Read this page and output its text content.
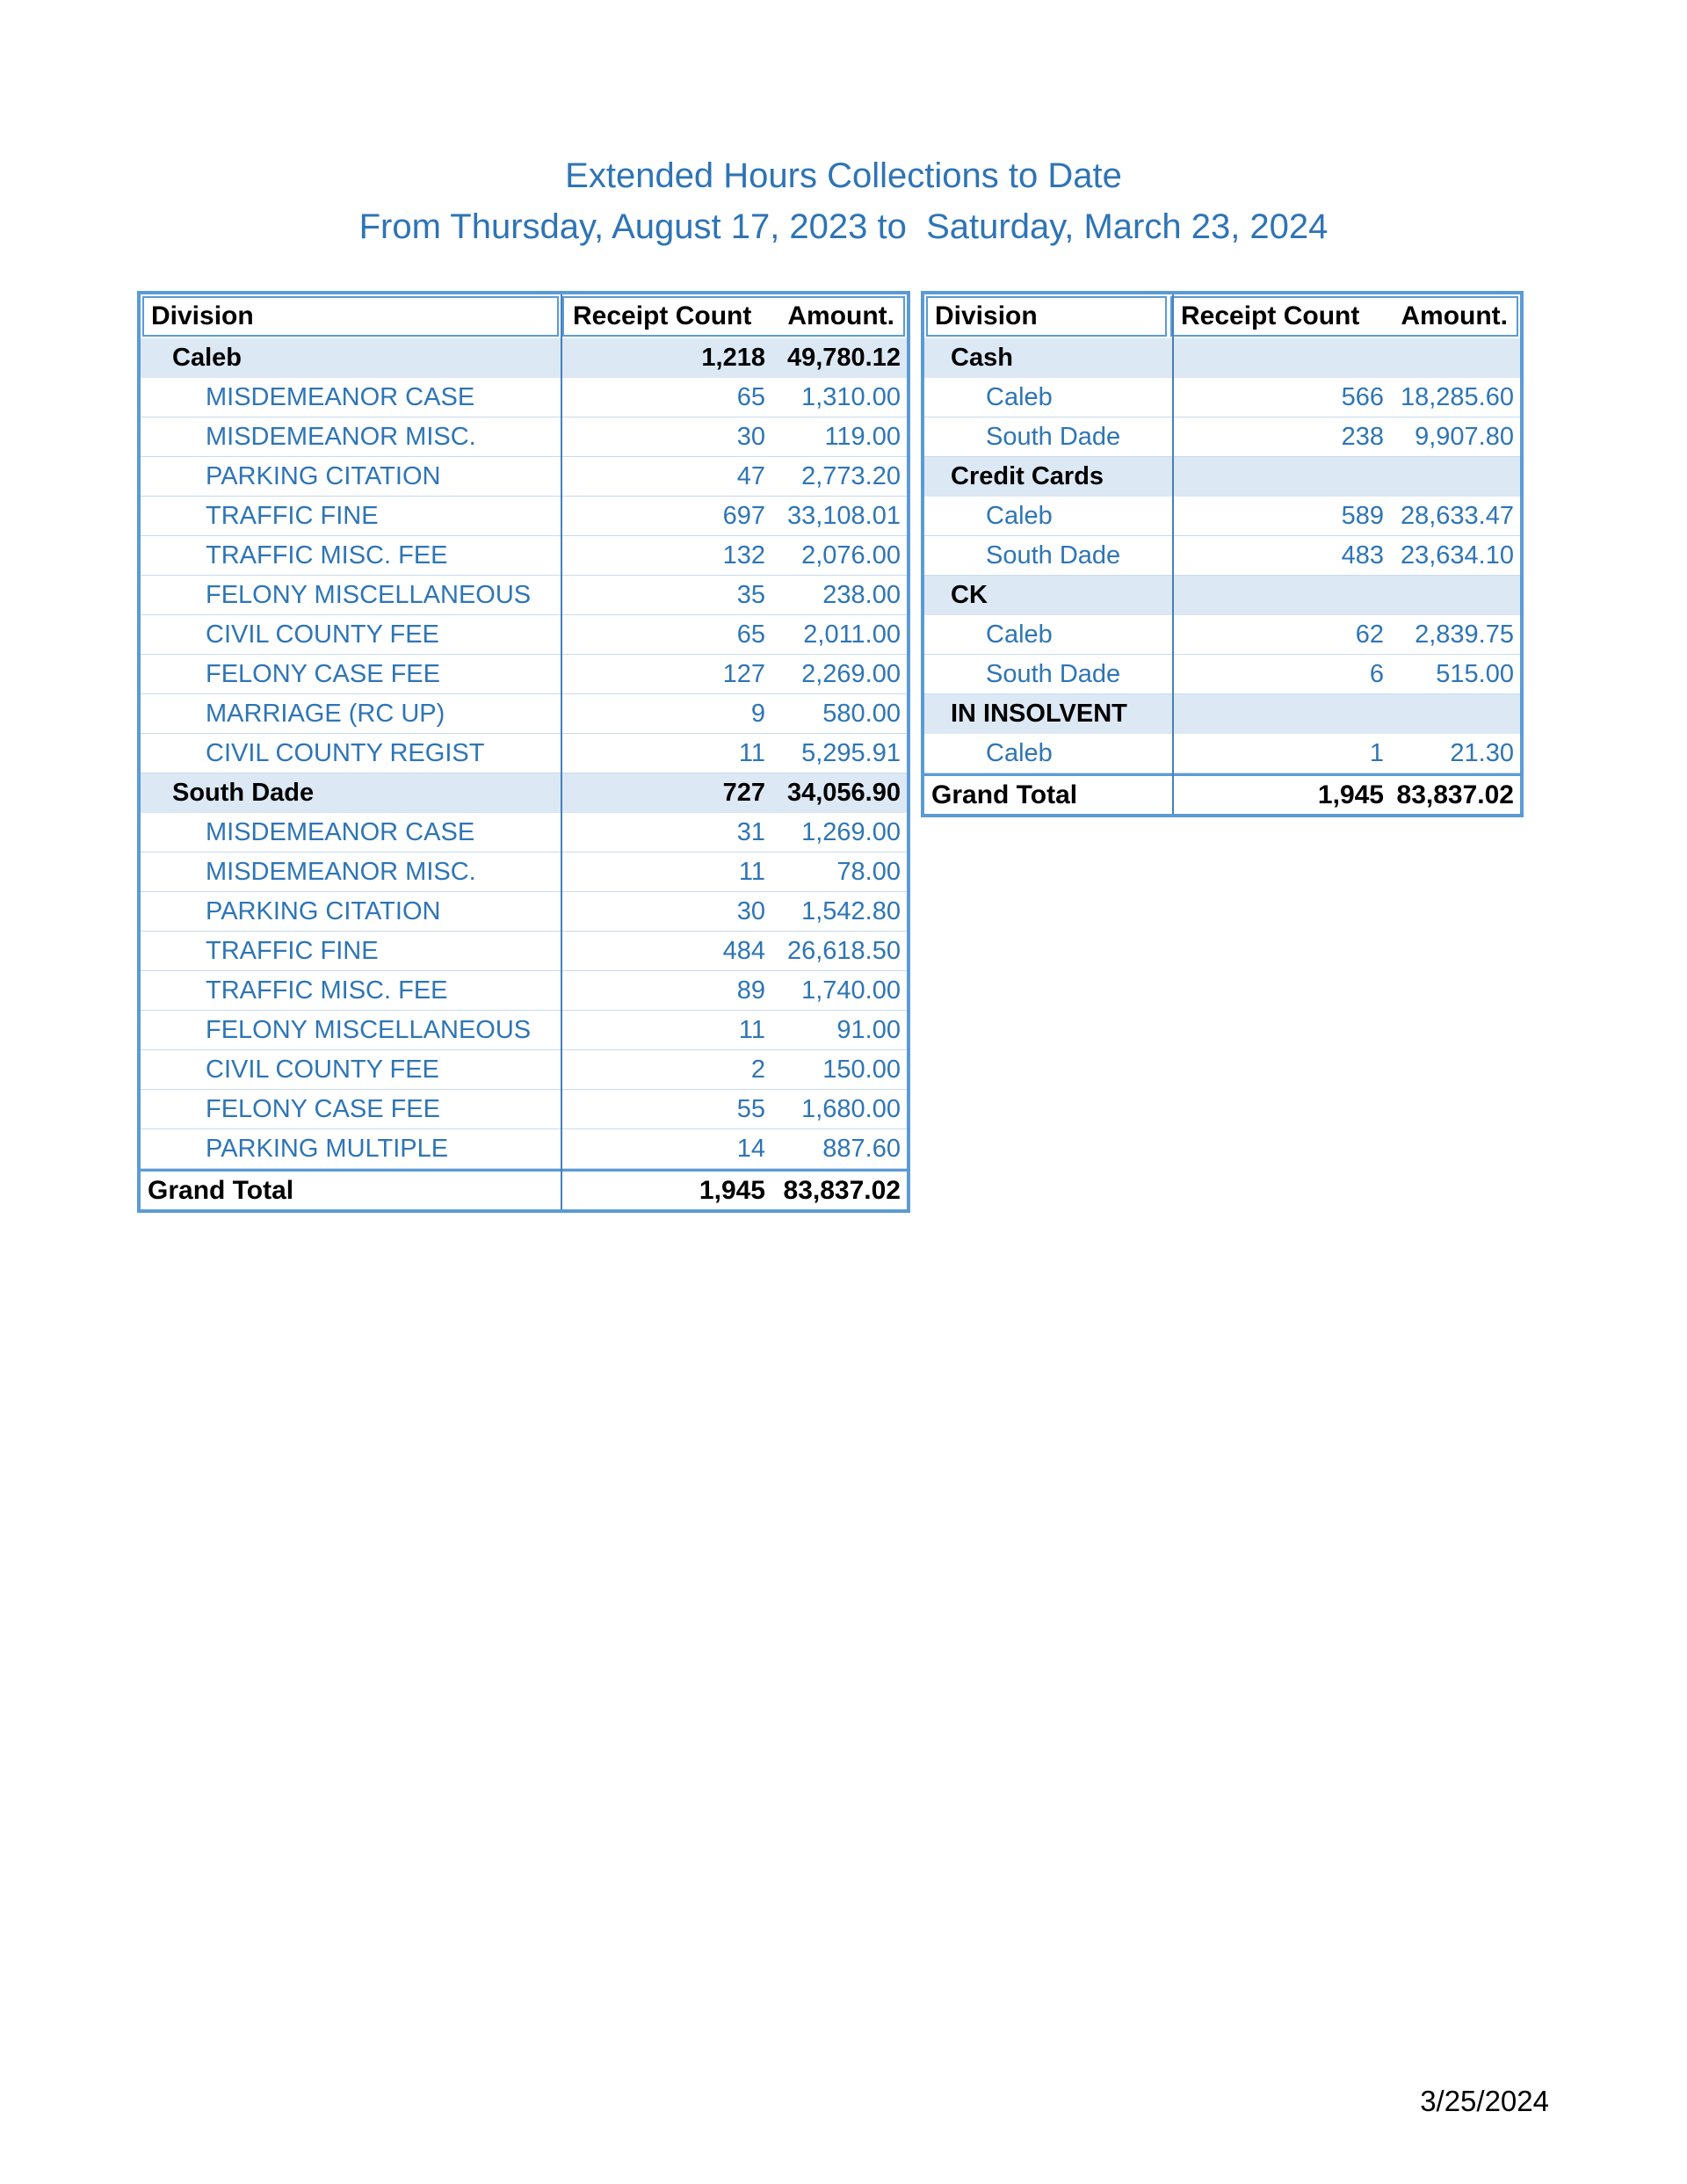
Extended Hours Collections to Date
From Thursday, August 17, 2023 to  Saturday, March 23, 2024
Division	Receipt Count Amount.
Caleb	1,218 49,780.12
MISDEMEANOR CASE	65	1,310.00
MISDEMEANOR MISC.	30	119.00
PARKING CITATION	47	2,773.20
TRAFFIC FINE	697 33,108.01
TRAFFIC MISC. FEE	132	2,076.00
FELONY MISCELLANEOUS	35	238.00
CIVIL COUNTY FEE	65	2,011.00
FELONY CASE FEE	127	2,269.00
MARRIAGE (RC UP)	9	580.00
CIVIL COUNTY REGIST	11	5,295.91
South Dade	727 34,056.90
MISDEMEANOR CASE	31	1,269.00
MISDEMEANOR MISC.	11	78.00
PARKING CITATION	30	1,542.80
TRAFFIC FINE	484 26,618.50
TRAFFIC MISC. FEE	89	1,740.00
FELONY MISCELLANEOUS	11	91.00
CIVIL COUNTY FEE	2	150.00
FELONY CASE FEE	55	1,680.00
PARKING MULTIPLE	14	887.60
Grand Total	1,945 83,837.02
Division	Receipt Count Amount.
Cash
Caleb	566 18,285.60
South Dade	238	9,907.80
Credit Cards
Caleb	589 28,633.47
South Dade	483 23,634.10
CK
Caleb	62	2,839.75
South Dade	6	515.00
IN INSOLVENT
Caleb	1	21.30
Grand Total	1,945 83,837.02
3/25/2024
